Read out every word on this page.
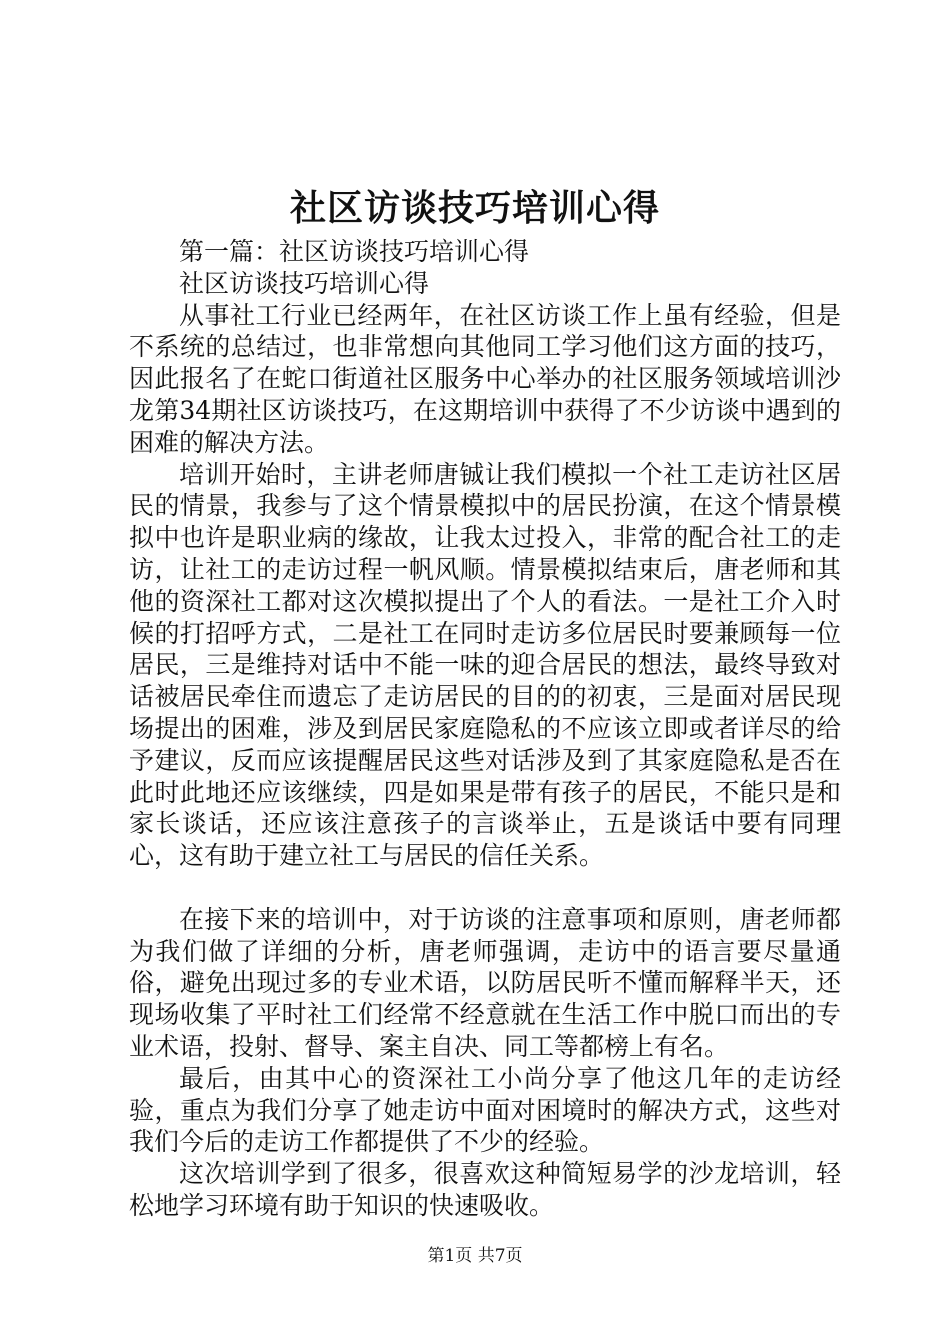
社区访谈技巧培训心得

第一篇：社区访谈技巧培训心得

社区访谈技巧培训心得

从事社工行业已经两年，在社区访谈工作上虽有经验，但是不系统的总结过，也非常想向其他同工学习他们这方面的技巧，因此报名了在蛇口街道社区服务中心举办的社区服务领域培训沙龙第34期社区访谈技巧，在这期培训中获得了不少访谈中遇到的困难的解决方法。

培训开始时，主讲老师唐铖让我们模拟一个社工走访社区居民的情景，我参与了这个情景模拟中的居民扮演，在这个情景模拟中也许是职业病的缘故，让我太过投入，非常的配合社工的走访，让社工的走访过程一帆风顺。情景模拟结束后，唐老师和其他的资深社工都对这次模拟提出了个人的看法。一是社工介入时候的打招呼方式，二是社工在同时走访多位居民时要兼顾每一位居民，三是维持对话中不能一味的迎合居民的想法，最终导致对话被居民牵住而遗忘了走访居民的目的的初衷，三是面对居民现场提出的困难，涉及到居民家庭隐私的不应该立即或者详尽的给予建议，反而应该提醒居民这些对话涉及到了其家庭隐私是否在此时此地还应该继续，四是如果是带有孩子的居民，不能只是和家长谈话，还应该注意孩子的言谈举止，五是谈话中要有同理心，这有助于建立社工与居民的信任关系。

在接下来的培训中，对于访谈的注意事项和原则，唐老师都为我们做了详细的分析，唐老师强调，走访中的语言要尽量通俗，避免出现过多的专业术语，以防居民听不懂而解释半天，还现场收集了平时社工们经常不经意就在生活工作中脱口而出的专业术语，投射、督导、案主自决、同工等都榜上有名。

最后，由其中心的资深社工小尚分享了他这几年的走访经验，重点为我们分享了她走访中面对困境时的解决方式，这些对我们今后的走访工作都提供了不少的经验。

这次培训学到了很多，很喜欢这种简短易学的沙龙培训，轻松地学习环境有助于知识的快速吸收。

第1页 共7页
